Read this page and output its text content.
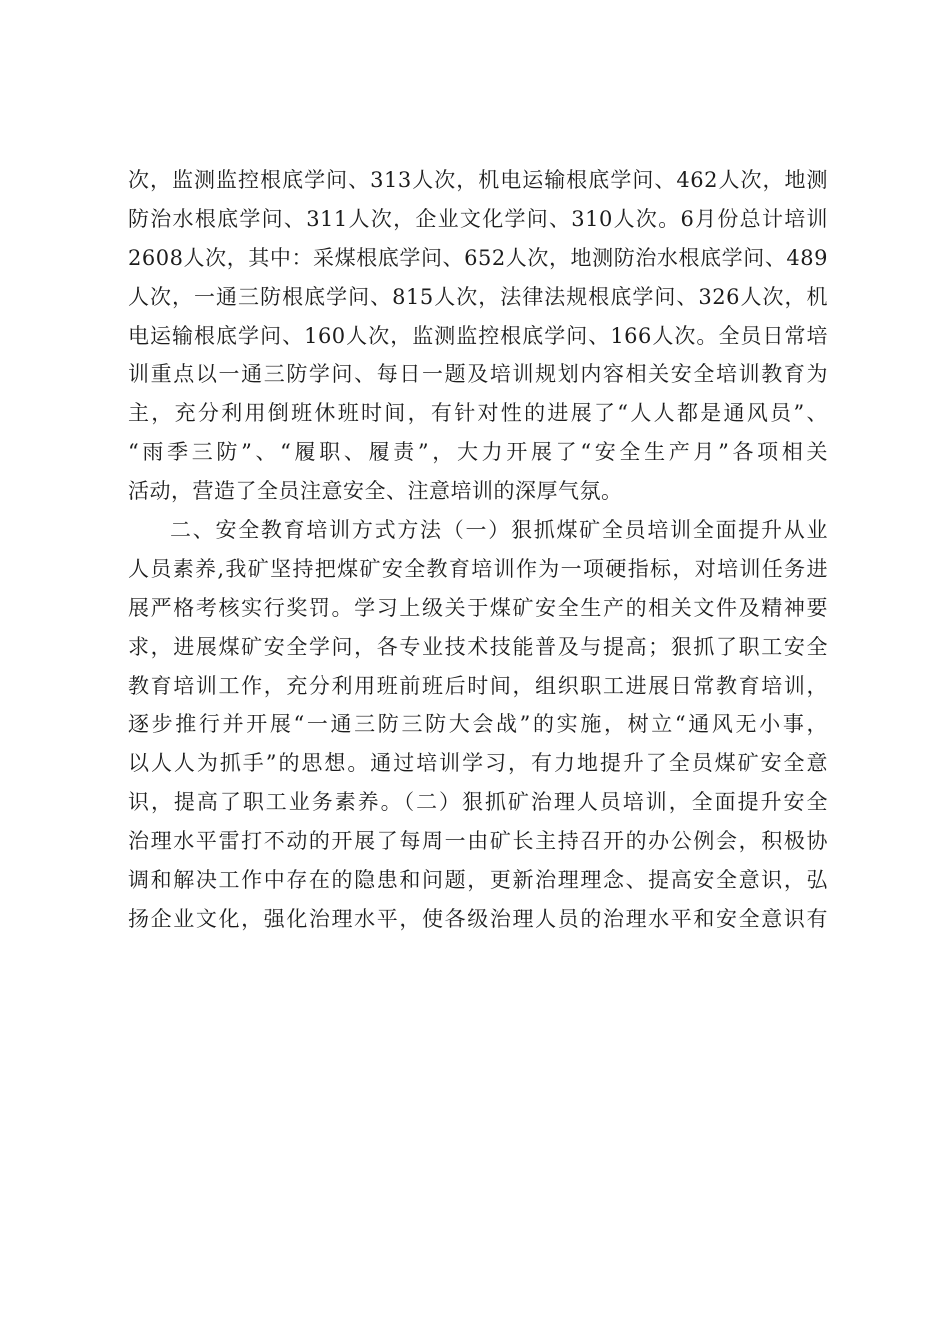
次，监测监控根底学问、313人次，机电运输根底学问、462人次，地测
防治水根底学问、311人次，企业文化学问、310人次。6月份总计培训
2608人次，其中：采煤根底学问、652人次，地测防治水根底学问、489
人次，一通三防根底学问、815人次，法律法规根底学问、326人次，机
电运输根底学问、160人次，监测监控根底学问、166人次。全员日常培
训重点以一通三防学问、每日一题及培训规划内容相关安全培训教育为
主，充分利用倒班休班时间，有针对性的进展了“人人都是通风员”、
“雨季三防”、“履职、履责”，大力开展了“安全生产月”各项相关
活动，营造了全员注意安全、注意培训的深厚气氛。
二、安全教育培训方式方法（一）狠抓煤矿全员培训全面提升从业
人员素养,我矿坚持把煤矿安全教育培训作为一项硬指标，对培训任务进
展严格考核实行奖罚。学习上级关于煤矿安全生产的相关文件及精神要
求，进展煤矿安全学问，各专业技术技能普及与提高；狠抓了职工安全
教育培训工作，充分利用班前班后时间，组织职工进展日常教育培训，
逐步推行并开展“一通三防三防大会战”的实施，树立“通风无小事，
以人人为抓手”的思想。通过培训学习，有力地提升了全员煤矿安全意
识，提高了职工业务素养。（二）狠抓矿治理人员培训，全面提升安全
治理水平雷打不动的开展了每周一由矿长主持召开的办公例会，积极协
调和解决工作中存在的隐患和问题，更新治理理念、提高安全意识，弘
扬企业文化，强化治理水平，使各级治理人员的治理水平和安全意识有
